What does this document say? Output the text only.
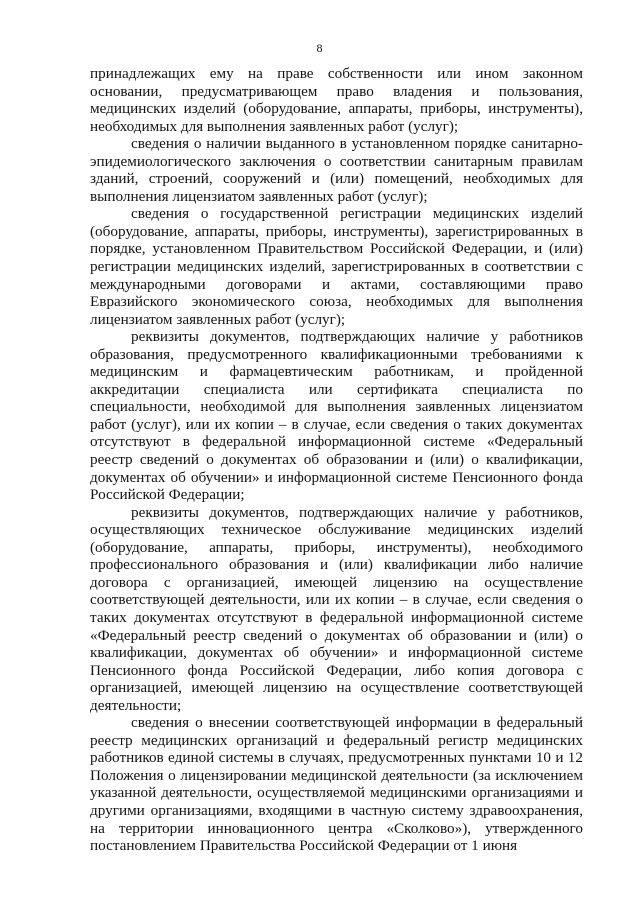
8

принадлежащих ему на праве собственности или ином законном основании, предусматривающем право владения и пользования, медицинских изделий (оборудование, аппараты, приборы, инструменты), необходимых для выполнения заявленных работ (услуг);

сведения о наличии выданного в установленном порядке санитарно-эпидемиологического заключения о соответствии санитарным правилам зданий, строений, сооружений и (или) помещений, необходимых для выполнения лицензиатом заявленных работ (услуг);

сведения о государственной регистрации медицинских изделий (оборудование, аппараты, приборы, инструменты), зарегистрированных в порядке, установленном Правительством Российской Федерации, и (или) регистрации медицинских изделий, зарегистрированных в соответствии с международными договорами и актами, составляющими право Евразийского экономического союза, необходимых для выполнения лицензиатом заявленных работ (услуг);

реквизиты документов, подтверждающих наличие у работников образования, предусмотренного квалификационными требованиями к медицинским и фармацевтическим работникам, и пройденной аккредитации специалиста или сертификата специалиста по специальности, необходимой для выполнения заявленных лицензиатом работ (услуг), или их копии – в случае, если сведения о таких документах отсутствуют в федеральной информационной системе «Федеральный реестр сведений о документах об образовании и (или) о квалификации, документах об обучении» и информационной системе Пенсионного фонда Российской Федерации;

реквизиты документов, подтверждающих наличие у работников, осуществляющих техническое обслуживание медицинских изделий (оборудование, аппараты, приборы, инструменты), необходимого профессионального образования и (или) квалификации либо наличие договора с организацией, имеющей лицензию на осуществление соответствующей деятельности, или их копии – в случае, если сведения о таких документах отсутствуют в федеральной информационной системе «Федеральный реестр сведений о документах об образовании и (или) о квалификации, документах об обучении» и информационной системе Пенсионного фонда Российской Федерации, либо копия договора с организацией, имеющей лицензию на осуществление соответствующей деятельности;

сведения о внесении соответствующей информации в федеральный реестр медицинских организаций и федеральный регистр медицинских работников единой системы в случаях, предусмотренных пунктами 10 и 12 Положения о лицензировании медицинской деятельности (за исключением указанной деятельности, осуществляемой медицинскими организациями и другими организациями, входящими в частную систему здравоохранения, на территории инновационного центра «Сколково»), утвержденного постановлением Правительства Российской Федерации от 1 июня
